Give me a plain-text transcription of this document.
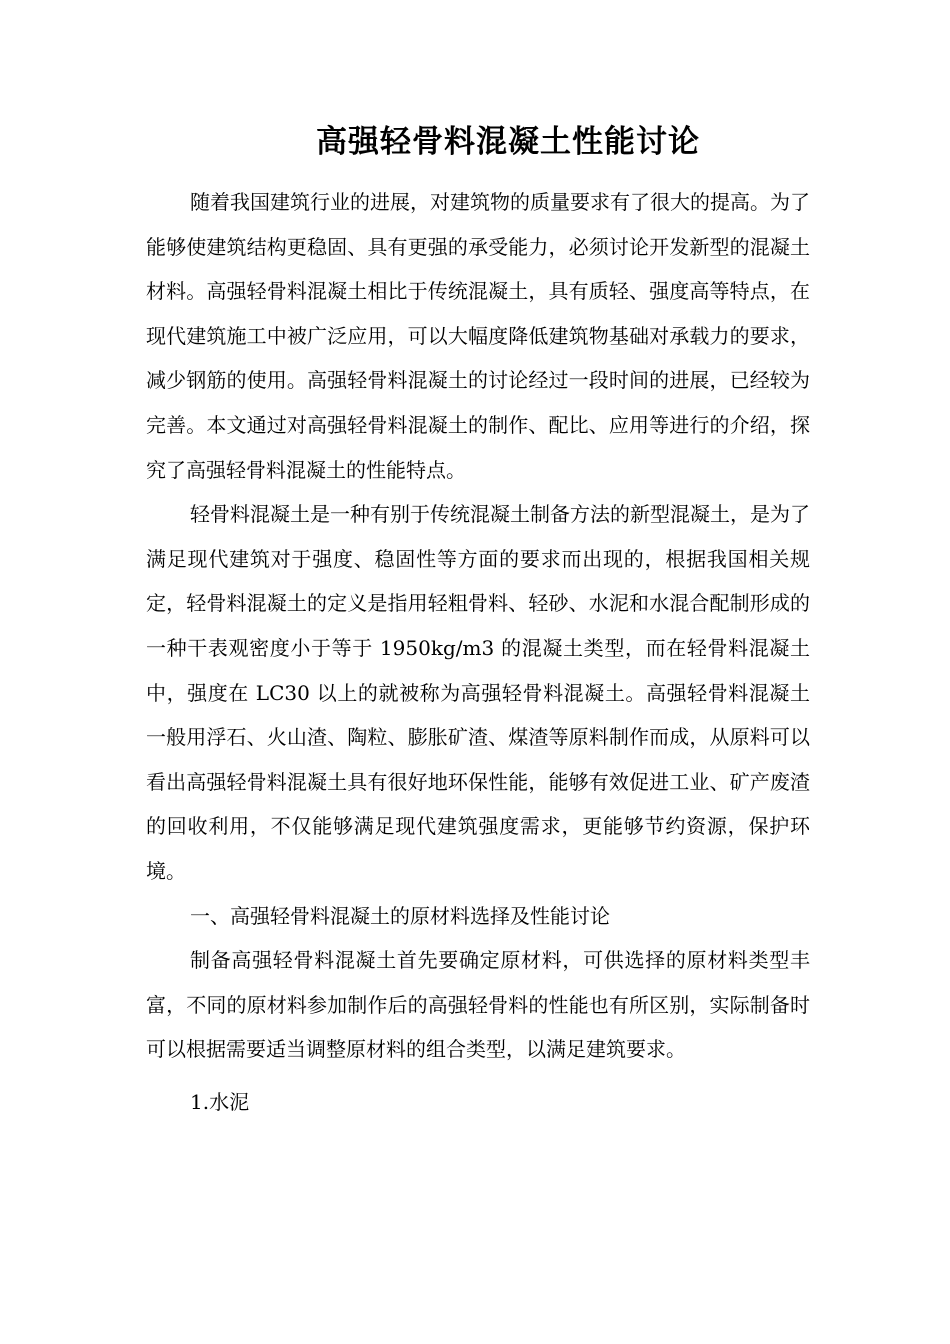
高强轻骨料混凝土性能讨论

随着我国建筑行业的进展，对建筑物的质量要求有了很大的提高。为了能够使建筑结构更稳固、具有更强的承受能力，必须讨论开发新型的混凝土材料。高强轻骨料混凝土相比于传统混凝土，具有质轻、强度高等特点，在现代建筑施工中被广泛应用，可以大幅度降低建筑物基础对承载力的要求，减少钢筋的使用。高强轻骨料混凝土的讨论经过一段时间的进展，已经较为完善。本文通过对高强轻骨料混凝土的制作、配比、应用等进行的介绍，探究了高强轻骨料混凝土的性能特点。

轻骨料混凝土是一种有别于传统混凝土制备方法的新型混凝土，是为了满足现代建筑对于强度、稳固性等方面的要求而出现的，根据我国相关规定，轻骨料混凝土的定义是指用轻粗骨料、轻砂、水泥和水混合配制形成的一种干表观密度小于等于 1950kg/m3 的混凝土类型，而在轻骨料混凝土中，强度在 LC30 以上的就被称为高强轻骨料混凝土。高强轻骨料混凝土一般用浮石、火山渣、陶粒、膨胀矿渣、煤渣等原料制作而成，从原料可以看出高强轻骨料混凝土具有很好地环保性能，能够有效促进工业、矿产废渣的回收利用，不仅能够满足现代建筑强度需求，更能够节约资源，保护环境。

一、高强轻骨料混凝土的原材料选择及性能讨论

制备高强轻骨料混凝土首先要确定原材料，可供选择的原材料类型丰富，不同的原材料参加制作后的高强轻骨料的性能也有所区别，实际制备时可以根据需要适当调整原材料的组合类型，以满足建筑要求。

1.水泥
